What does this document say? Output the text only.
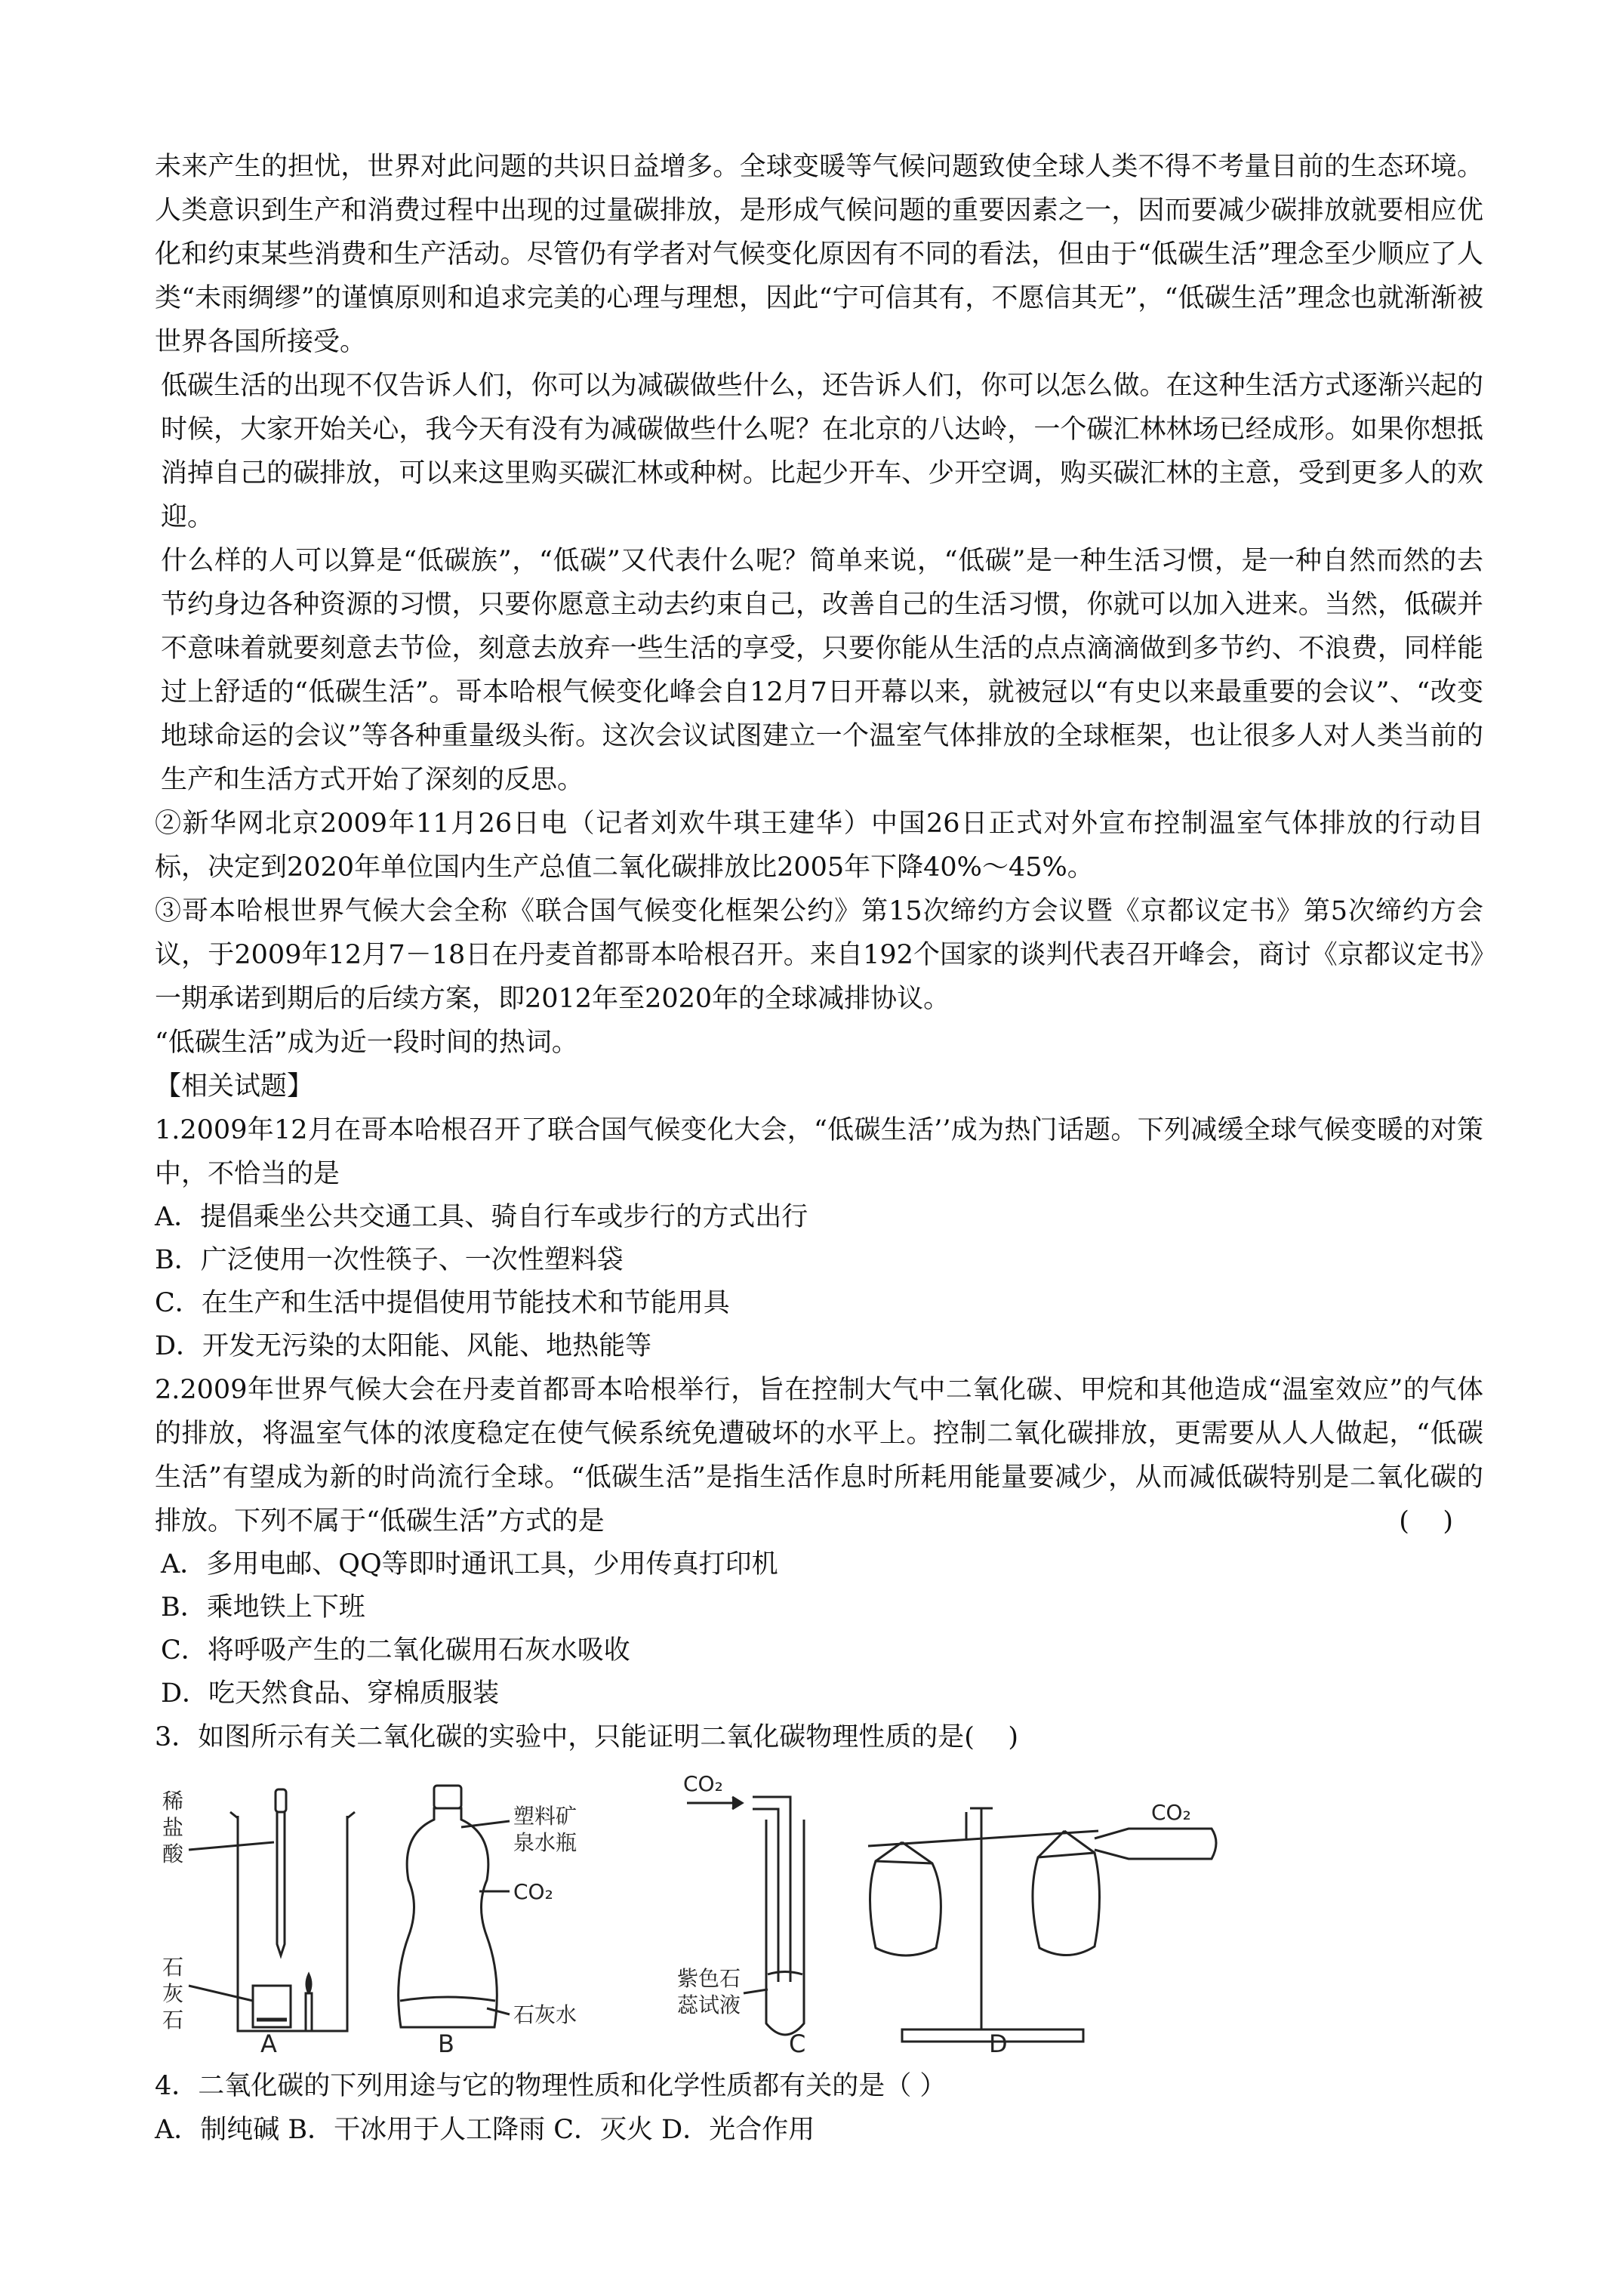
未来产生的担忧，世界对此问题的共识日益增多。全球变暖等气候问题致使全球人类不得不考量目前的生态环境。人类意识到生产和消费过程中出现的过量碳排放，是形成气候问题的重要因素之一，因而要减少碳排放就要相应优化和约束某些消费和生产活动。尽管仍有学者对气候变化原因有不同的看法，但由于“低碳生活”理念至少顺应了人类“未雨绸缪”的谨慎原则和追求完美的心理与理想，因此“宁可信其有，不愿信其无”，“低碳生活”理念也就渐渐被世界各国所接受。

低碳生活的出现不仅告诉人们，你可以为减碳做些什么，还告诉人们，你可以怎么做。在这种生活方式逐渐兴起的时候，大家开始关心，我今天有没有为减碳做些什么呢？在北京的八达岭，一个碳汇林林场已经成形。如果你想抵消掉自己的碳排放，可以来这里购买碳汇林或种树。比起少开车、少开空调，购买碳汇林的主意，受到更多人的欢迎。

什么样的人可以算是“低碳族”，“低碳”又代表什么呢？简单来说，“低碳”是一种生活习惯，是一种自然而然的去节约身边各种资源的习惯，只要你愿意主动去约束自己，改善自己的生活习惯，你就可以加入进来。当然，低碳并不意味着就要刻意去节俭，刻意去放弃一些生活的享受，只要你能从生活的点点滴滴做到多节约、不浪费，同样能过上舒适的“低碳生活”。哥本哈根气候变化峰会自12月7日开幕以来，就被冠以“有史以来最重要的会议”、“改变地球命运的会议”等各种重量级头衔。这次会议试图建立一个温室气体排放的全球框架，也让很多人对人类当前的生产和生活方式开始了深刻的反思。

②新华网北京2009年11月26日电（记者刘欢牛琪王建华）中国26日正式对外宣布控制温室气体排放的行动目标，决定到2020年单位国内生产总值二氧化碳排放比2005年下降40%～45%。

③哥本哈根世界气候大会全称《联合国气候变化框架公约》第15次缔约方会议暨《京都议定书》第5次缔约方会议，于2009年12月7－18日在丹麦首都哥本哈根召开。来自192个国家的谈判代表召开峰会，商讨《京都议定书》一期承诺到期后的后续方案，即2012年至2020年的全球减排协议。

“低碳生活”成为近一段时间的热词。

【相关试题】

1.2009年12月在哥本哈根召开了联合国气候变化大会，“低碳生活’’成为热门话题。下列减缓全球气候变暖的对策中，不恰当的是

A．提倡乘坐公共交通工具、骑自行车或步行的方式出行

B．广泛使用一次性筷子、一次性塑料袋

C．在生产和生活中提倡使用节能技术和节能用具

D．开发无污染的太阳能、风能、地热能等

2.2009年世界气候大会在丹麦首都哥本哈根举行，旨在控制大气中二氧化碳、甲烷和其他造成“温室效应”的气体的排放，将温室气体的浓度稳定在使气候系统免遭破坏的水平上。控制二氧化碳排放，更需要从人人做起，“低碳生活”有望成为新的时尚流行全球。“低碳生活”是指生活作息时所耗用能量要减少，从而减低碳特别是二氧化碳的排放。下列不属于“低碳生活”方式的是	(    )

A．多用电邮、QQ等即时通讯工具，少用传真打印机

B．乘地铁上下班

C．将呼吸产生的二氧化碳用石灰水吸收

D．吃天然食品、穿棉质服装

3．如图所示有关二氧化碳的实验中，只能证明二氧化碳物理性质的是(    )

稀
盐
酸
石
灰
石
塑料矿
泉水瓶
CO₂
石灰水
CO₂
紫色石
蕊试液
CO₂
A	B	C	D

4．二氧化碳的下列用途与它的物理性质和化学性质都有关的是（ ）

A．制纯碱 B．干冰用于人工降雨 C．灭火 D．光合作用
